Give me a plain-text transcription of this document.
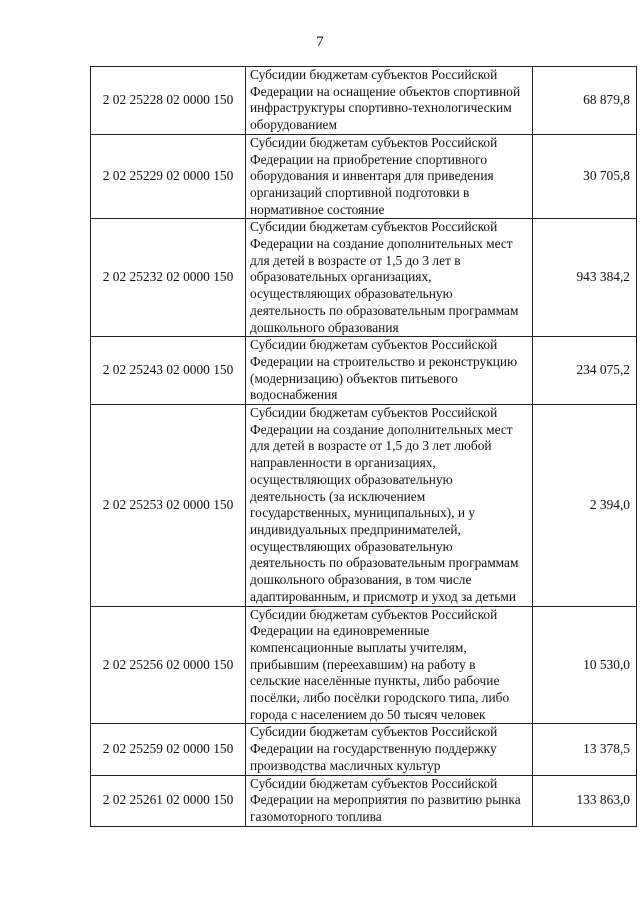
7
2 02 25228 02 0000 150	Субсидии бюджетам субъектов Российской Федерации на оснащение объектов спортивной инфраструктуры спортивно-технологическим оборудованием	68 879,8
2 02 25229 02 0000 150	Субсидии бюджетам субъектов Российской Федерации на приобретение спортивного оборудования и инвентаря для приведения организаций спортивной подготовки в нормативное состояние	30 705,8
2 02 25232 02 0000 150	Субсидии бюджетам субъектов Российской Федерации на создание дополнительных мест для детей в возрасте от 1,5 до 3 лет в образовательных организациях, осуществляющих образовательную деятельность по образовательным программам дошкольного образования	943 384,2
2 02 25243 02 0000 150	Субсидии бюджетам субъектов Российской Федерации на строительство и реконструкцию (модернизацию) объектов питьевого водоснабжения	234 075,2
2 02 25253 02 0000 150	Субсидии бюджетам субъектов Российской Федерации на создание дополнительных мест для детей в возрасте от 1,5 до 3 лет любой направленности в организациях, осуществляющих образовательную деятельность (за исключением государственных, муниципальных), и у индивидуальных предпринимателей, осуществляющих образовательную деятельность по образовательным программам дошкольного образования, в том числе адаптированным, и присмотр и уход за детьми	2 394,0
2 02 25256 02 0000 150	Субсидии бюджетам субъектов Российской Федерации на единовременные компенсационные выплаты учителям, прибывшим (переехавшим) на работу в сельские населённые пункты, либо рабочие посёлки, либо посёлки городского типа, либо города с населением до 50 тысяч человек	10 530,0
2 02 25259 02 0000 150	Субсидии бюджетам субъектов Российской Федерации на государственную поддержку производства масличных культур	13 378,5
2 02 25261 02 0000 150	Субсидии бюджетам субъектов Российской Федерации на мероприятия по развитию рынка газомоторного топлива	133 863,0
